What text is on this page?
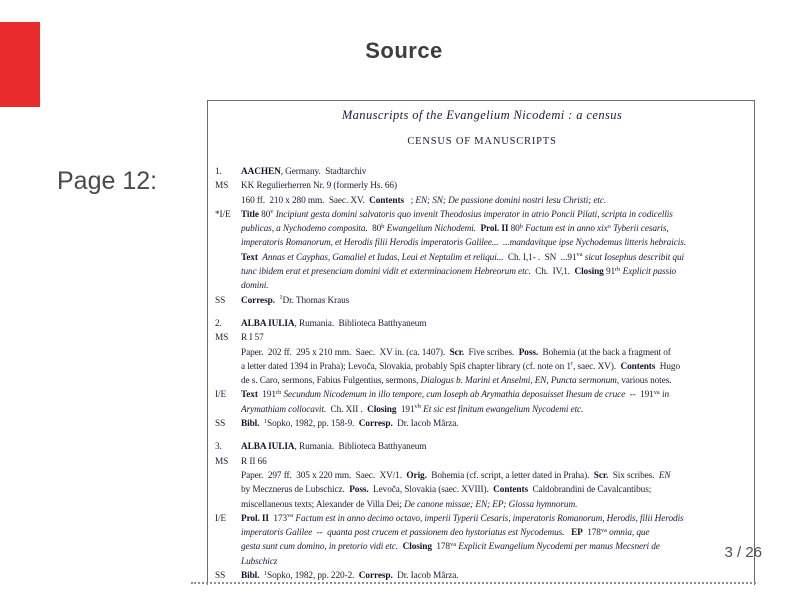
Source
Page 12:
Manuscripts of the Evangelium Nicodemi : a census
CENSUS OF MANUSCRIPTS
1.	AACHEN, Germany.  Stadtarchiv
MS	KK Regulierherren Nr. 9 (formerly Hs. 66)
160 ff.  210 x 280 mm.  Saec. XV.  Contents   ; EN; SN; De passione domini nostri Iesu Christi; etc.
*I/E	Title 80$^v$ Incipiunt gesta domini salvatoris quo invenit Theodosius imperator in atrio Poncii Pilati, scripta in codicellis
publicas, a Nychodemo composita.  80$^b$ Ewangelium Nichodemi. Prol. II 80$^b$ Factum est in anno xix$^o$ Tyberii cesaris,
imperatoris Romanorum, et Herodis filii Herodis imperatoris Galilee...  ...mandavitque ipse Nychodemus litteris hebraicis.
Text Annas et Cayphas, Gamaliel et Iudas, Leui et Neptalim et reliqui...  Ch. I,1- .  SN  $...91^{va}$ sicut Iosephus describit qui
tunc ibidem erat et presenciam domini vidit et exterminacionem Hebreorum etc.  Ch.  IV,1.  Closing $91^{rb}$ Explicit passio
domini.
SS	Corresp. $^1$Dr. Thomas Kraus
2.	ALBA IULIA, Rumania.  Biblioteca Batthyaneum
MS	R I 57
Paper.  202 ff.  295 x 210 mm.  Saec.  XV in. (ca. 1407).  Scr.  Five scribes.  Poss.  Bohemia (at the back a fragment of
a letter dated 1394 in Praha); Levoča, Slovakia, probably Spiš chapter library (cf. note on 1$^r$, saec. XV).  Contents  Hugo
de s. Caro, sermons, Fabius Fulgentius, sermons, Dialogus b. Marini et Anselmi, EN, Puncta sermonum, various notes.
I/E	Text  $191^{rb}$ Secundum Nicodemum in illo tempore, cum Ioseph ab Arymathia deposuisset Ihesum de cruce  --  $191^{va}$ in
Arymathiam collocavit.  Ch. XII .  Closing  $191^{vb}$ Et sic est finitum ewangelium Nycodemi etc.
SS	Bibl. $^1$Sopko, 1982, pp. 158-9.  Corresp.  Dr. Iacob Mârza.
3.	ALBA IULIA, Rumania.  Biblioteca Batthyaneum
MS	R II 66
Paper.  297 ff.  305 x 220 mm.  Saec.  XV/1.  Orig.  Bohemia (cf. script, a letter dated in Praha).  Scr.  Six scribes.  EN
by Mecznerus de Lubschicz.  Poss.  Levoča, Slovakia (saec. XVIII).  Contents  Caldobrandini de Cavalcantibus;
miscellaneous texts; Alexander de Villa Dei; De canone missae; EN; EP; Glossa hymnorum.
I/E	Prol. II  $173^{va}$ Factum est in anno decimo octavo, imperii Typerii Cesaris, imperatoris Romanorum, Herodis, filii Herodis
imperatoris Galilee  --  quanta post crucem et passionem deo hystoriatus est Nycodemus. EP  $178^{va}$ omnia, que
gesta sunt cum domino, in pretorio vidi etc. Closing  $178^{va}$ Explicit Ewangelium Nycodemi per manus Mecsneri de
Lubschicz
SS	Bibl. $^1$Sopko, 1982, pp. 220-2.  Corresp.  Dr. Iacob Mârza.
3 / 26
